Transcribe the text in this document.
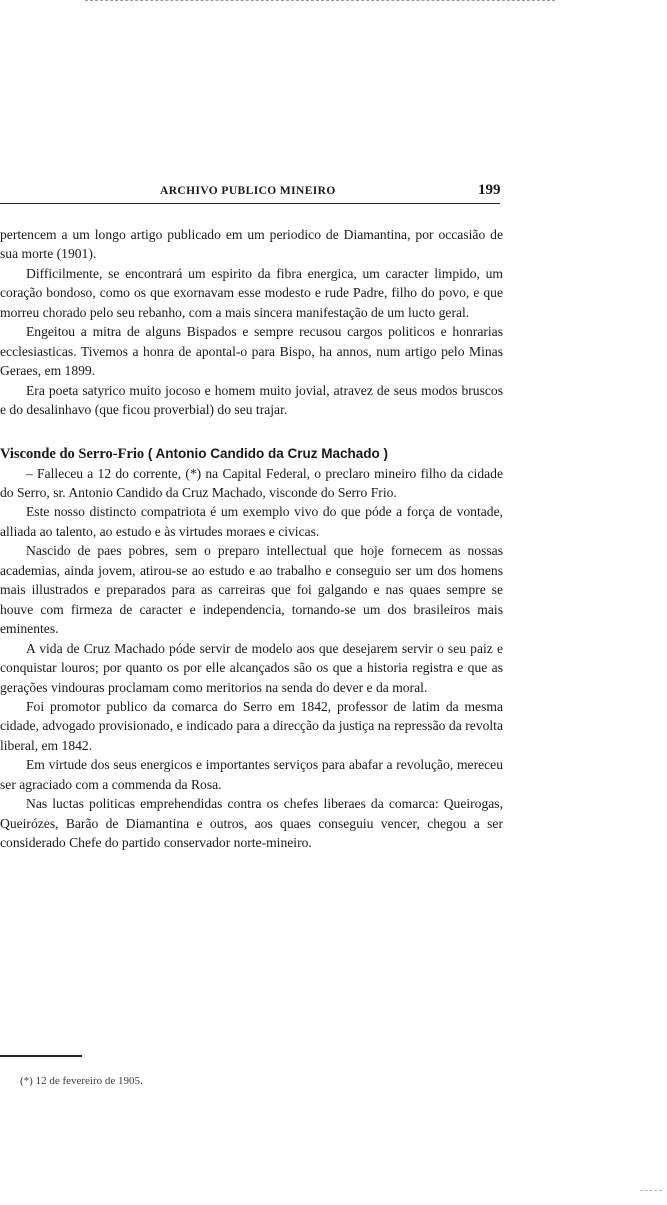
ARCHIVO PUBLICO MINEIRO	199

pertencem a um longo artigo publicado em um periodico de Diamantina, por occasião de sua morte (1901).

Difficilmente, se encontrará um espirito da fibra energica, um caracter limpido, um coração bondoso, como os que exornavam esse modesto e rude Padre, filho do povo, e que morreu chorado pelo seu rebanho, com a mais sincera manifestação de um lucto geral.

Engeitou a mitra de alguns Bispados e sempre recusou cargos politicos e honrarias ecclesiasticas. Tivemos a honra de apontal-o para Bispo, ha annos, num artigo pelo Minas Geraes, em 1899.

Era poeta satyrico muito jocoso e homem muito jovial, atravez de seus modos bruscos e do desalinhavo (que ficou proverbial) do seu trajar.

Visconde do Serro-Frio ( Antonio Candido da Cruz Machado )

– Falleceu a 12 do corrente, (*) na Capital Federal, o preclaro mineiro filho da cidade do Serro, sr. Antonio Candido da Cruz Machado, visconde do Serro Frio.

Este nosso distincto compatriota é um exemplo vivo do que póde a força de vontade, alliada ao talento, ao estudo e às virtudes moraes e civicas.

Nascido de paes pobres, sem o preparo intellectual que hoje fornecem as nossas academias, ainda jovem, atirou-se ao estudo e ao trabalho e conseguio ser um dos homens mais illustrados e preparados para as carreiras que foi galgando e nas quaes sempre se houve com firmeza de caracter e independencia, tornando-se um dos brasileiros mais eminentes.

A vida de Cruz Machado póde servir de modelo aos que desejarem servir o seu paiz e conquistar louros; por quanto os por elle alcançados são os que a historia registra e que as gerações vindouras proclamam como meritorios na senda do dever e da moral.

Foi promotor publico da comarca do Serro em 1842, professor de latim da mesma cidade, advogado provisionado, e indicado para a direcção da justiça na repressão da revolta liberal, em 1842.

Em virtude dos seus energicos e importantes serviços para abafar a revolução, mereceu ser agraciado com a commenda da Rosa.

Nas luctas politicas emprehendidas contra os chefes liberaes da comarca: Queirogas, Queirózes, Barão de Diamantina e outros, aos quaes conseguiu vencer, chegou a ser considerado Chefe do partido conservador norte-mineiro.

(*) 12 de fevereiro de 1905.
